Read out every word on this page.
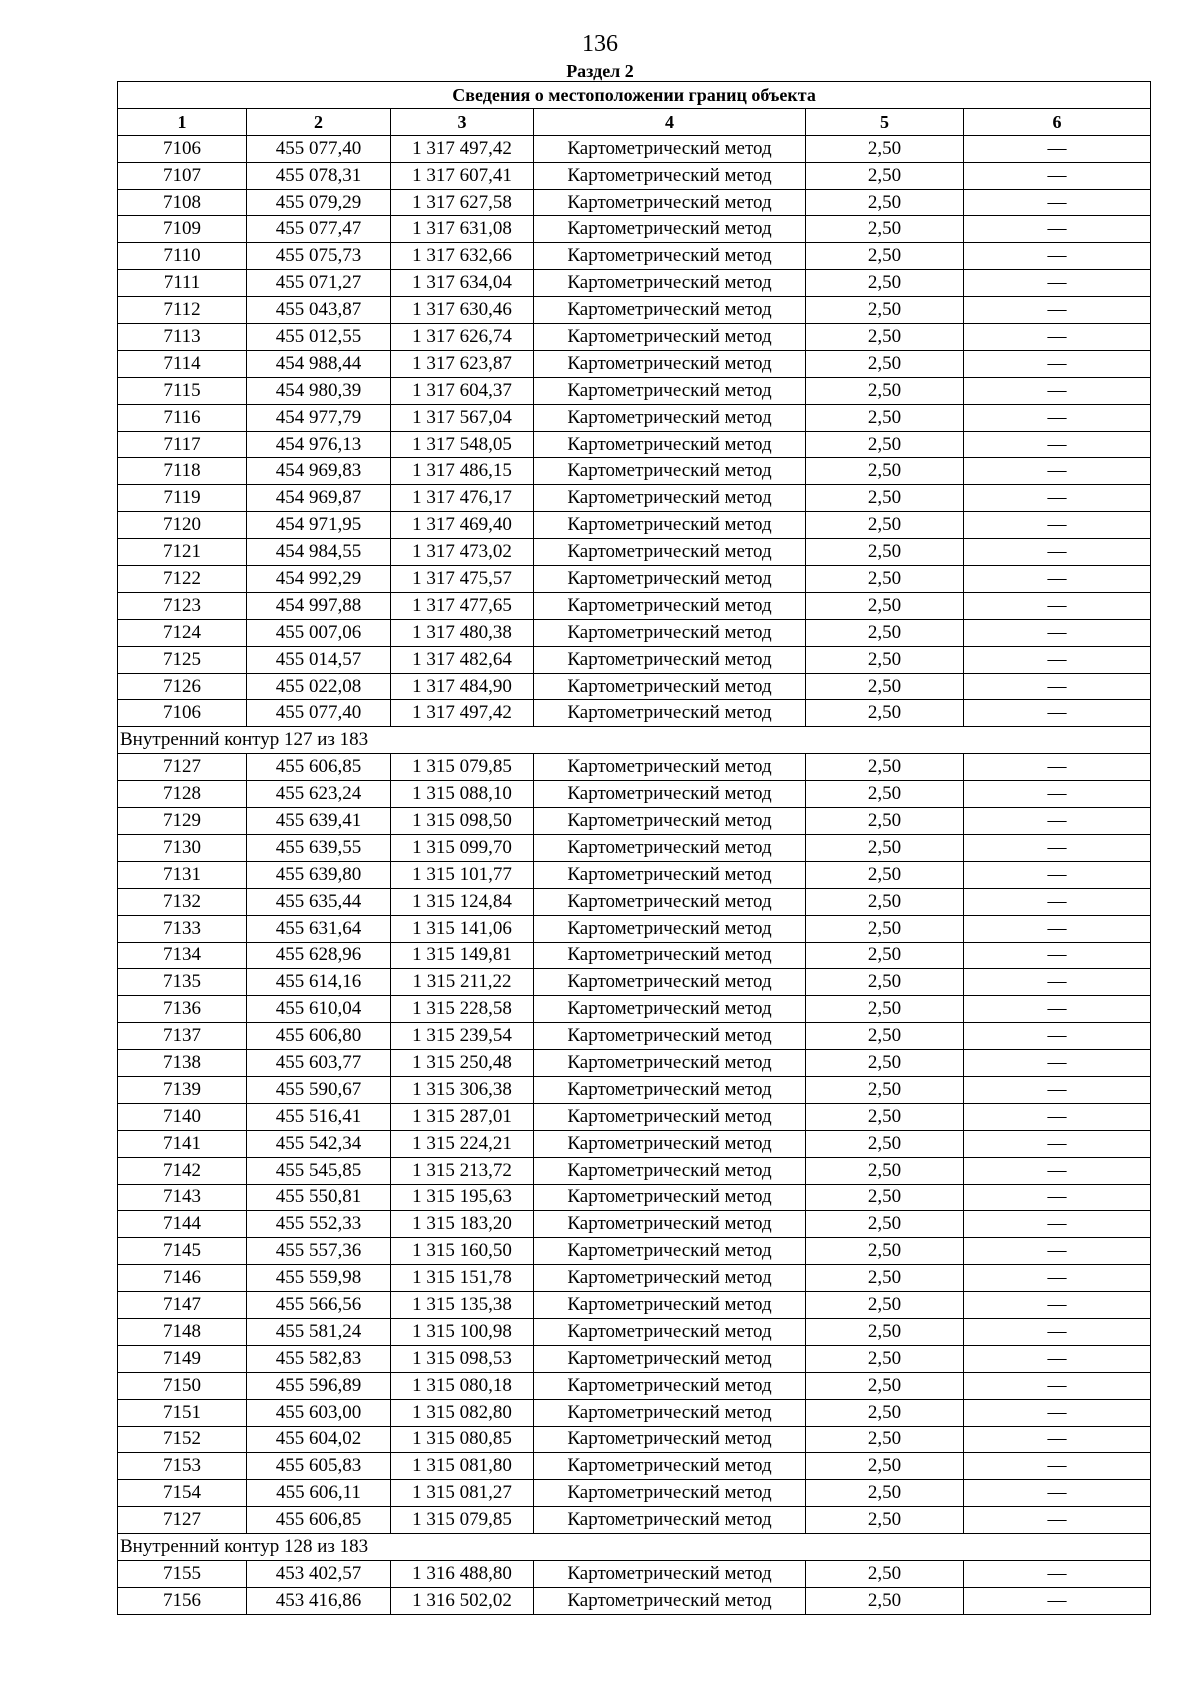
136
Раздел 2
Сведения о местоположении границ объекта					
1	2	3	4	5	6
7106	455 077,40	1 317 497,42	Картометрический метод	2,50	—
7107	455 078,31	1 317 607,41	Картометрический метод	2,50	—
7108	455 079,29	1 317 627,58	Картометрический метод	2,50	—
7109	455 077,47	1 317 631,08	Картометрический метод	2,50	—
7110	455 075,73	1 317 632,66	Картометрический метод	2,50	—
7111	455 071,27	1 317 634,04	Картометрический метод	2,50	—
7112	455 043,87	1 317 630,46	Картометрический метод	2,50	—
7113	455 012,55	1 317 626,74	Картометрический метод	2,50	—
7114	454 988,44	1 317 623,87	Картометрический метод	2,50	—
7115	454 980,39	1 317 604,37	Картометрический метод	2,50	—
7116	454 977,79	1 317 567,04	Картометрический метод	2,50	—
7117	454 976,13	1 317 548,05	Картометрический метод	2,50	—
7118	454 969,83	1 317 486,15	Картометрический метод	2,50	—
7119	454 969,87	1 317 476,17	Картометрический метод	2,50	—
7120	454 971,95	1 317 469,40	Картометрический метод	2,50	—
7121	454 984,55	1 317 473,02	Картометрический метод	2,50	—
7122	454 992,29	1 317 475,57	Картометрический метод	2,50	—
7123	454 997,88	1 317 477,65	Картометрический метод	2,50	—
7124	455 007,06	1 317 480,38	Картометрический метод	2,50	—
7125	455 014,57	1 317 482,64	Картометрический метод	2,50	—
7126	455 022,08	1 317 484,90	Картометрический метод	2,50	—
7106	455 077,40	1 317 497,42	Картометрический метод	2,50	—
Внутренний контур 127 из 183					
7127	455 606,85	1 315 079,85	Картометрический метод	2,50	—
7128	455 623,24	1 315 088,10	Картометрический метод	2,50	—
7129	455 639,41	1 315 098,50	Картометрический метод	2,50	—
7130	455 639,55	1 315 099,70	Картометрический метод	2,50	—
7131	455 639,80	1 315 101,77	Картометрический метод	2,50	—
7132	455 635,44	1 315 124,84	Картометрический метод	2,50	—
7133	455 631,64	1 315 141,06	Картометрический метод	2,50	—
7134	455 628,96	1 315 149,81	Картометрический метод	2,50	—
7135	455 614,16	1 315 211,22	Картометрический метод	2,50	—
7136	455 610,04	1 315 228,58	Картометрический метод	2,50	—
7137	455 606,80	1 315 239,54	Картометрический метод	2,50	—
7138	455 603,77	1 315 250,48	Картометрический метод	2,50	—
7139	455 590,67	1 315 306,38	Картометрический метод	2,50	—
7140	455 516,41	1 315 287,01	Картометрический метод	2,50	—
7141	455 542,34	1 315 224,21	Картометрический метод	2,50	—
7142	455 545,85	1 315 213,72	Картометрический метод	2,50	—
7143	455 550,81	1 315 195,63	Картометрический метод	2,50	—
7144	455 552,33	1 315 183,20	Картометрический метод	2,50	—
7145	455 557,36	1 315 160,50	Картометрический метод	2,50	—
7146	455 559,98	1 315 151,78	Картометрический метод	2,50	—
7147	455 566,56	1 315 135,38	Картометрический метод	2,50	—
7148	455 581,24	1 315 100,98	Картометрический метод	2,50	—
7149	455 582,83	1 315 098,53	Картометрический метод	2,50	—
7150	455 596,89	1 315 080,18	Картометрический метод	2,50	—
7151	455 603,00	1 315 082,80	Картометрический метод	2,50	—
7152	455 604,02	1 315 080,85	Картометрический метод	2,50	—
7153	455 605,83	1 315 081,80	Картометрический метод	2,50	—
7154	455 606,11	1 315 081,27	Картометрический метод	2,50	—
7127	455 606,85	1 315 079,85	Картометрический метод	2,50	—
Внутренний контур 128 из 183					
7155	453 402,57	1 316 488,80	Картометрический метод	2,50	—
7156	453 416,86	1 316 502,02	Картометрический метод	2,50	—
